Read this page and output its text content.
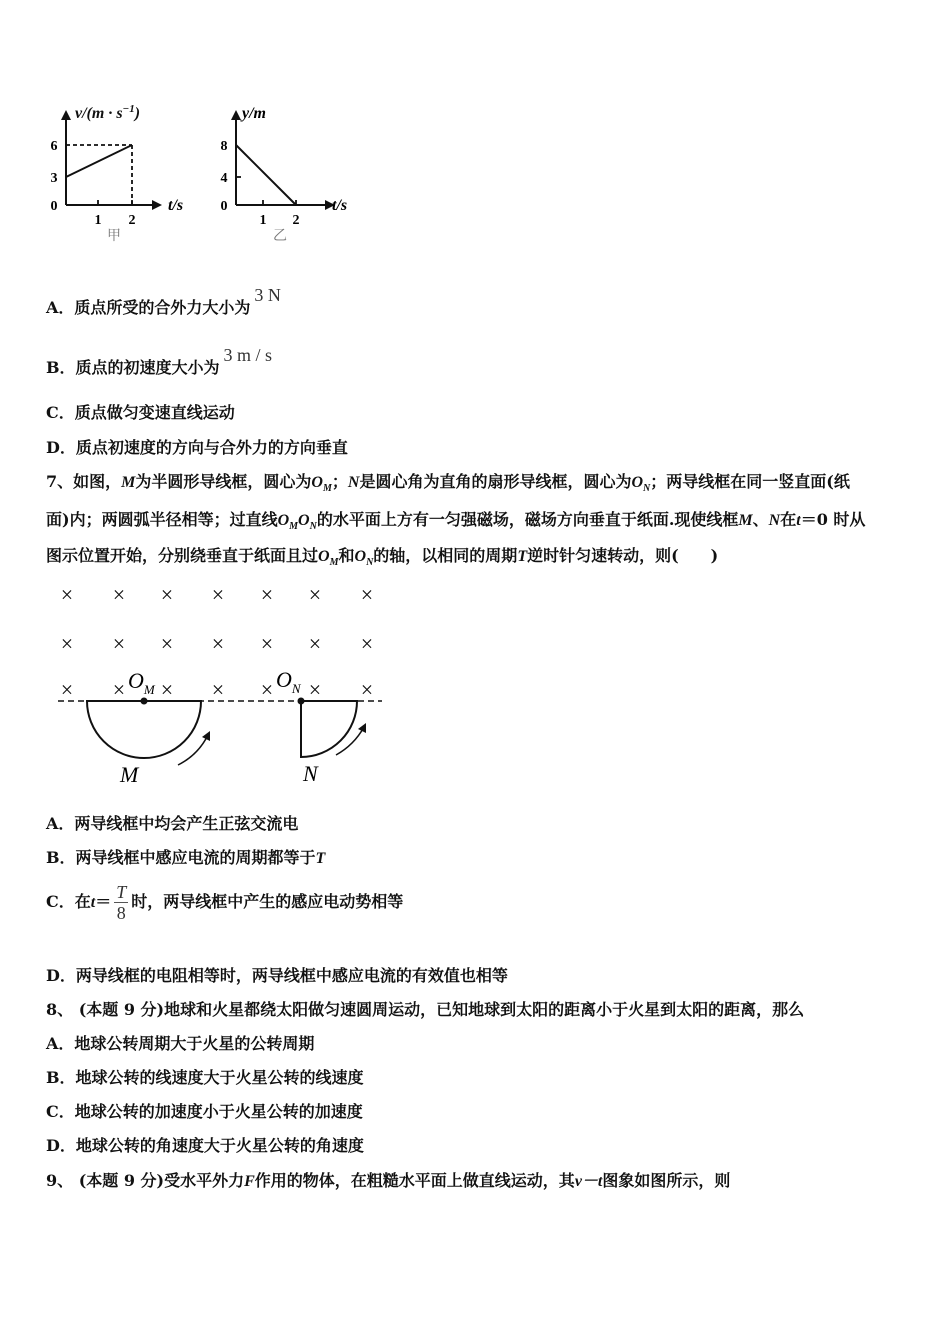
$v/(m \cdot s^{-1})$
6
3
0
1 2
t/s
甲
y/m
8
4
0
1 2
t/s
乙
A．质点所受的合外力大小为3 N
B．质点的初速度大小为3 m / s
C．质点做匀变速直线运动
D．质点初速度的方向与合外力的方向垂直
7、如图，M为半圆形导线框，圆心为$O_M$；N是圆心角为直角的扇形导线框，圆心为$O_N$；两导线框在同一竖直面(纸
面)内；两圆弧半径相等；过直线$O_MO_N$的水平面上方有一匀强磁场，磁场方向垂直于纸面.现使线框M、N在t＝0 时从
图示位置开始，分别绕垂直于纸面且过$O_M$和$O_N$的轴，以相同的周期T逆时针匀速转动，则(　　)
× × × × × × ×
× × × × × × ×
× × × × × × ×
$O_M$	$O_N$
M	N
A．两导线框中均会产生正弦交流电
B．两导线框中感应电流的周期都等于T
C．在$t= \frac{T}{8}$ 时，两导线框中产生的感应电动势相等
D．两导线框的电阻相等时，两导线框中感应电流的有效值也相等
8、 (本题 9 分)地球和火星都绕太阳做匀速圆周运动，已知地球到太阳的距离小于火星到太阳的距离，那么
A．地球公转周期大于火星的公转周期
B．地球公转的线速度大于火星公转的线速度
C．地球公转的加速度小于火星公转的加速度
D．地球公转的角速度大于火星公转的角速度
9、 (本题 9 分)受水平外力F作用的物体，在粗糙水平面上做直线运动，其v－t图象如图所示，则
